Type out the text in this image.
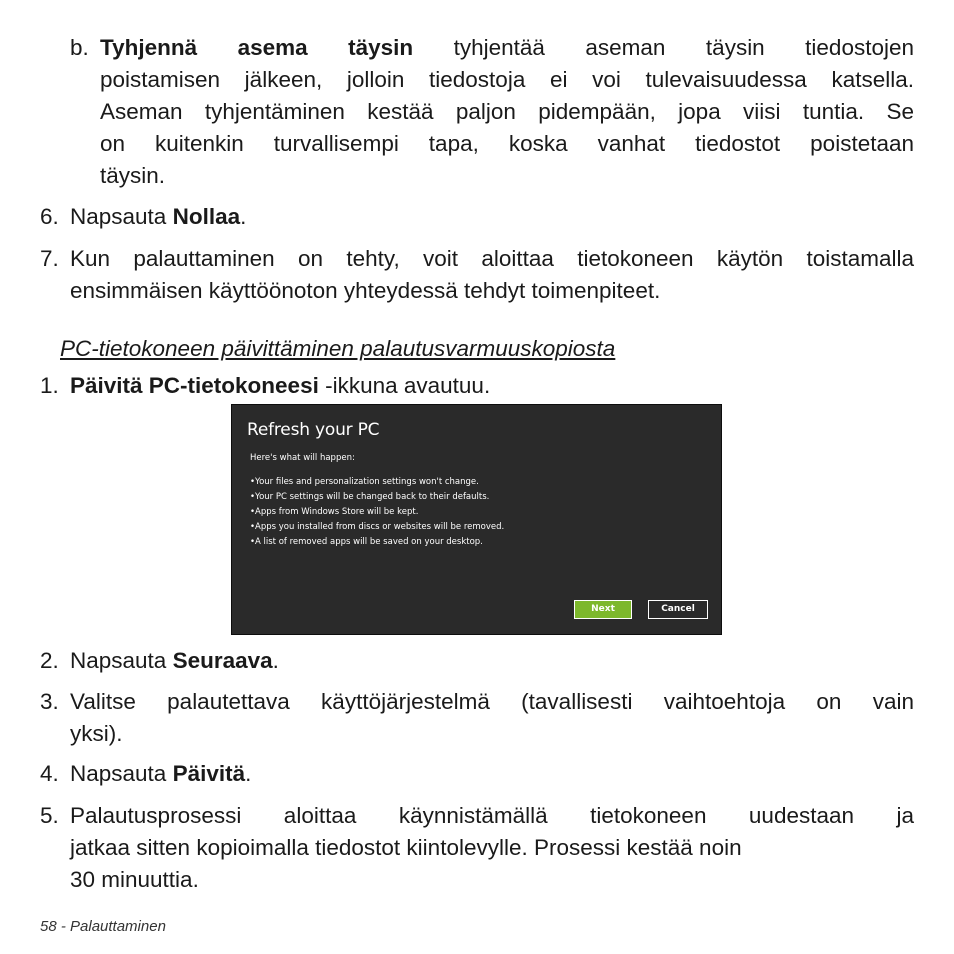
b. Tyhjennä asema täysin tyhjentää aseman täysin tiedostojen
poistamisen jälkeen, jolloin tiedostoja ei voi tulevaisuudessa katsella.
Aseman tyhjentäminen kestää paljon pidempään, jopa viisi tuntia. Se
on kuitenkin turvallisempi tapa, koska vanhat tiedostot poistetaan
täysin.
6. Napsauta Nollaa.
7. Kun palauttaminen on tehty, voit aloittaa tietokoneen käytön toistamalla
ensimmäisen käyttöönoton yhteydessä tehdyt toimenpiteet.
PC-tietokoneen päivittäminen palautusvarmuuskopiosta
1. Päivitä PC-tietokoneesi -ikkuna avautuu.
Refresh your PC
Here's what will happen:
• Your files and personalization settings won't change.
• Your PC settings will be changed back to their defaults.
• Apps from Windows Store will be kept.
• Apps you installed from discs or websites will be removed.
• A list of removed apps will be saved on your desktop.
Next	Cancel
2. Napsauta Seuraava.
3. Valitse palautettava käyttöjärjestelmä (tavallisesti vaihtoehtoja on vain
yksi).
4. Napsauta Päivitä.
5. Palautusprosessi aloittaa käynnistämällä tietokoneen uudestaan ja
jatkaa sitten kopioimalla tiedostot kiintolevylle. Prosessi kestää noin
30 minuuttia.
58 - Palauttaminen
